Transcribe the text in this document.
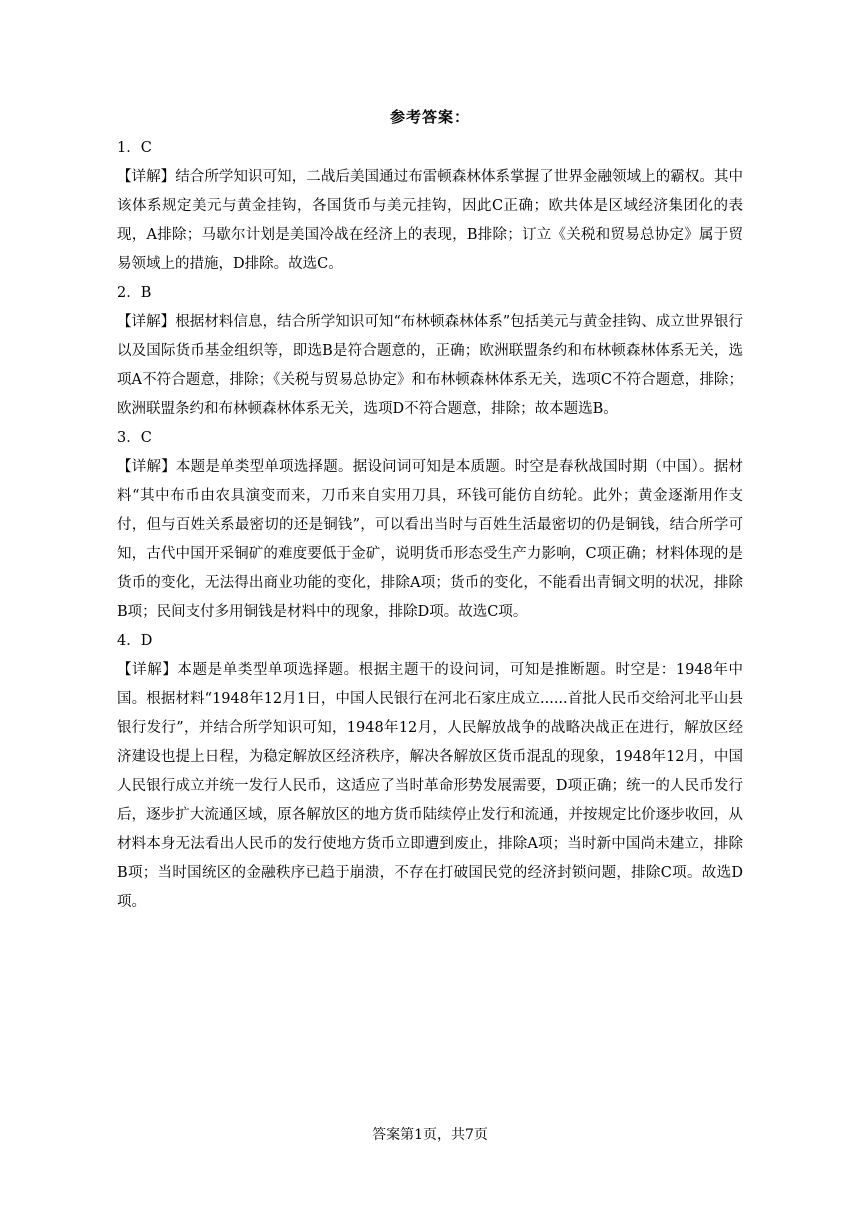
参考答案：

1．C

【详解】结合所学知识可知，二战后美国通过布雷顿森林体系掌握了世界金融领域上的霸权。其中该体系规定美元与黄金挂钩，各国货币与美元挂钩，因此C正确；欧共体是区域经济集团化的表现，A排除；马歇尔计划是美国冷战在经济上的表现，B排除；订立《关税和贸易总协定》属于贸易领域上的措施，D排除。故选C。

2．B

【详解】根据材料信息，结合所学知识可知“布林顿森林体系”包括美元与黄金挂钩、成立世界银行以及国际货币基金组织等，即选B是符合题意的，正确；欧洲联盟条约和布林顿森林体系无关，选项A不符合题意，排除；《关税与贸易总协定》和布林顿森林体系无关，选项C不符合题意，排除；欧洲联盟条约和布林顿森林体系无关，选项D不符合题意，排除；故本题选B。

3．C

【详解】本题是单类型单项选择题。据设问词可知是本质题。时空是春秋战国时期（中国）。据材料“其中布币由农具演变而来，刀币来自实用刀具，环钱可能仿自纺轮。此外；黄金逐渐用作支付，但与百姓关系最密切的还是铜钱”，可以看出当时与百姓生活最密切的仍是铜钱，结合所学可知，古代中国开采铜矿的难度要低于金矿，说明货币形态受生产力影响，C项正确；材料体现的是货币的变化，无法得出商业功能的变化，排除A项；货币的变化，不能看出青铜文明的状况，排除B项；民间支付多用铜钱是材料中的现象，排除D项。故选C项。

4．D

【详解】本题是单类型单项选择题。根据主题干的设问词，可知是推断题。时空是：1948年中国。根据材料“1948年12月1日，中国人民银行在河北石家庄成立......首批人民币交给河北平山县银行发行”，并结合所学知识可知，1948年12月，人民解放战争的战略决战正在进行，解放区经济建设也提上日程，为稳定解放区经济秩序，解决各解放区货币混乱的现象，1948年12月，中国人民银行成立并统一发行人民币，这适应了当时革命形势发展需要，D项正确；统一的人民币发行后，逐步扩大流通区域，原各解放区的地方货币陆续停止发行和流通，并按规定比价逐步收回，从材料本身无法看出人民币的发行使地方货币立即遭到废止，排除A项；当时新中国尚未建立，排除B项；当时国统区的金融秩序已趋于崩溃，不存在打破国民党的经济封锁问题，排除C项。故选D项。

答案第1页，共7页
